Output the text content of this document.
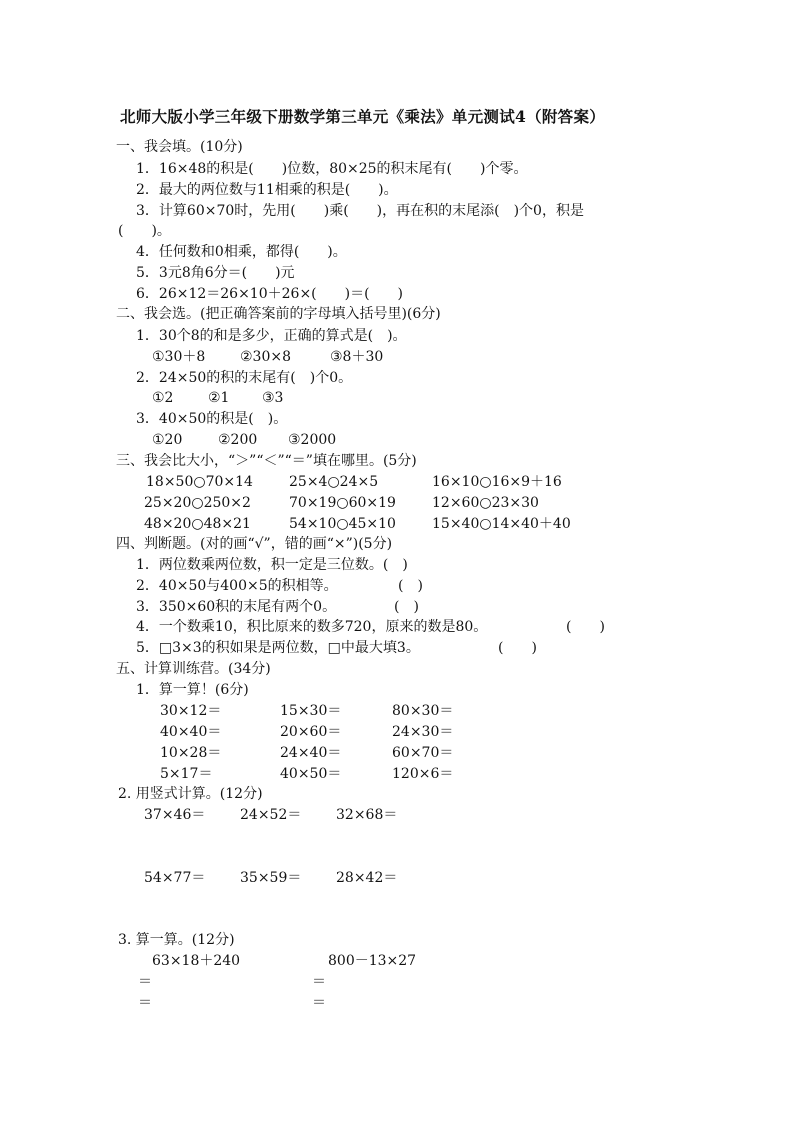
北师大版小学三年级下册数学第三单元《乘法》单元测试4（附答案）
一、我会填。(10分)
1．16×48的积是(　　)位数，80×25的积末尾有(　　)个零。
2．最大的两位数与11相乘的积是(　　)。
3．计算60×70时，先用(　　)乘(　　)，再在积的末尾添(　)个0，积是
(　　)。
4．任何数和0相乘，都得(　　)。
5．3元8角6分＝(　　)元
6．26×12＝26×10＋26×(　　)＝(　　)
二、我会选。(把正确答案前的字母填入括号里)(6分)
1．30个8的和是多少，正确的算式是(　)。
①30＋8 ②30×8	③8＋30
2．24×50的积的末尾有(　)个0。
①2 ②1 ③3
3．40×50的积是(　)。
①20	②200 ③2000
三、我会比大小，“＞”“＜”“＝”填在哪里。(5分)
18×50○70×14	25×4○24×5	16×10○16×9＋16
25×20○250×2	70×19○60×19	12×60○23×30
48×20○48×21	54×10○45×10	15×40○14×40＋40
四、判断题。(对的画“√”，错的画“×”)(5分)
1．两位数乘两位数，积一定是三位数。(　)
2．40×50与400×5的积相等。	(　)
3．350×60积的末尾有两个0。	(　)
4．一个数乘10，积比原来的数多720，原来的数是80。	(　　)
5．□3×3的积如果是两位数，□中最大填3。	(　　)
五、计算训练营。(34分)
1．算一算！(6分)
30×12＝	15×30＝	80×30＝
40×40＝	20×60＝	24×30＝
10×28＝	24×40＝	60×70＝
5×17＝	40×50＝	120×6＝
2. 用竖式计算。(12分)
37×46＝ 24×52＝ 32×68＝
54×77＝ 35×59＝ 28×42＝
3. 算一算。(12分)
63×18＋240	800－13×27
＝	＝
＝	＝
